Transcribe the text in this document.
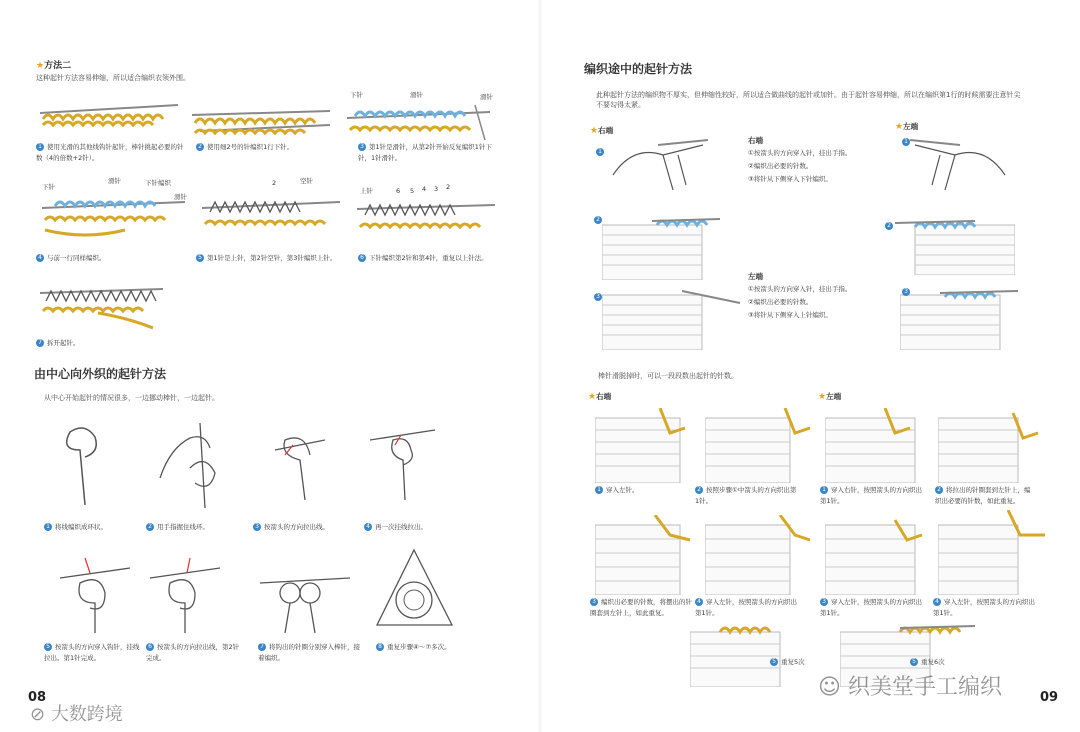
★方法二
这种起针方法容易伸缩，所以适合编织衣领外围。
1 使用光滑的其他线钩针起针，棒针挑起必要的针数（4的倍数+2针）。
2 使用细2号的针编织1行下针。
下针	滑针	滑针
3 第1针是滑针，从第2针开始反复编织1针下针，1针滑针。
下针
滑针	下针编织
滑针
4 与前一行同样编织。
2	空针
5 第1针是上针，第2针空针，第3针编织上针。
上针	6 5 4 3 2
6 下针编织第2针和第4针，重复以上针法。
7 拆开起针。
由中心向外织的起针方法
从中心开始起针的情况很多，一边挪动棒针，一边起针。
1 将线编织成环状。	2 用手指握住线环。	3 按箭头的方向拉出线。	4 再一次挂线拉出。
5 按箭头的方向穿入钩针，挂线拉出。第1针完成。
6 按箭头的方向拉出线，第2针完成。
7 将钩出的针圈分别穿入棒针，接着编织。
8 重复步骤④～⑦多次。
08
⊘ 大数跨境
编织途中的起针方法
此种起针方法的编织物不厚实，但伸缩性较好，所以适合做曲线的起针或加针。由于起针容易伸缩，所以在编织第1行的时候需要注意针尖不要勾得太紧。
★右端	★左端
1
1
右端
①按箭头的方向穿入针，挂出手指。
②编织出必要的针数。
③将针从下侧穿入下针编织。
2
2
左端
①按箭头的方向穿入针，挂出手指。
②编织出必要的针数。
③将针从下侧穿入上针编织。
3
3
棒针滑脱掉时，可以一段段数出起针的针数。
★右端	★左端
1 穿入左针。	2 按照步骤①中箭头的方向织出第1针。
1 穿入右针，按照箭头的方向织出第1针。
2 将拉出的针圈套到左针上，编织出必要的针数，如此重复。
3 编织出必要的针数，将摆出的针圈套到左针上，如此重复。
4 穿入左针，按照箭头的方向织出第1针。
3 穿入左针，按照箭头的方向织出第1针。
4 穿入左针，按照箭头的方向织出第1针。
5 重复5次	5 重复6次
☺ 织美堂手工编织	09
